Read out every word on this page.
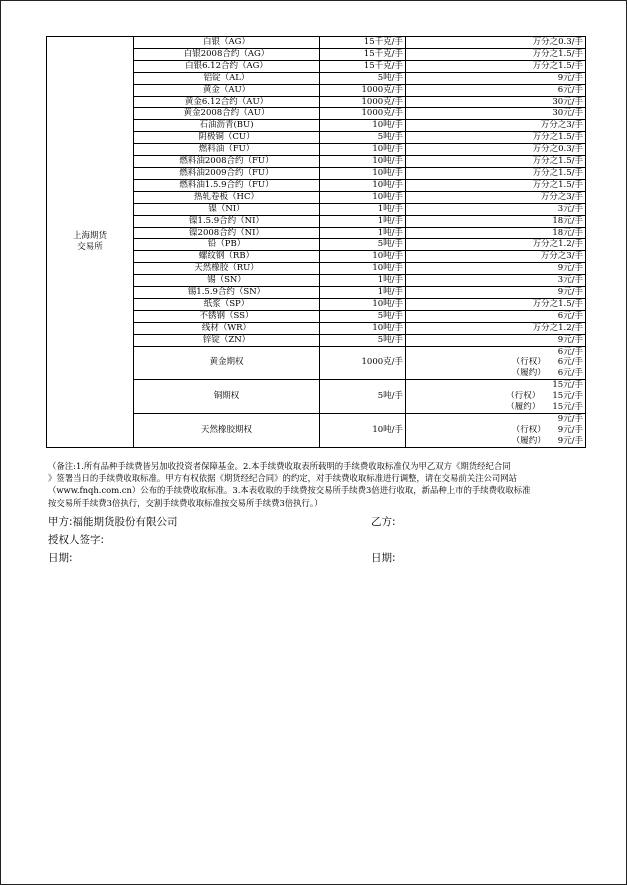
上海期货
交易所	白银（AG）	15千克/手	万分之0.3/手
	白银2008合约（AG）	15千克/手	万分之1.5/手
	白银6.12合约（AG）	15千克/手	万分之1.5/手
	铝锭（AL）	5吨/手	9元/手
	黄金（AU）	1000克/手	6元/手
	黄金6.12合约（AU）	1000克/手	30元/手
	黄金2008合约（AU）	1000克/手	30元/手
	石油沥青(BU)	10吨/手	万分之3/手
	阴极铜（CU）	5吨/手	万分之1.5/手
	燃料油（FU）	10吨/手	万分之0.3/手
	燃料油2008合约（FU）	10吨/手	万分之1.5/手
	燃料油2009合约（FU）	10吨/手	万分之1.5/手
	燃料油1.5.9合约（FU）	10吨/手	万分之1.5/手
	热轧卷板（HC）	10吨/手	万分之3/手
	镍（NI）	1吨/手	3元/手
	镍1.5.9合约（NI）	1吨/手	18元/手
	镍2008合约（NI）	1吨/手	18元/手
	铅（PB）	5吨/手	万分之1.2/手
	螺纹钢（RB）	10吨/手	万分之3/手
	天然橡胶（RU）	10吨/手	9元/手
	锡（SN）	1吨/手	3元/手
	锡1.5.9合约（SN）	1吨/手	9元/手
	纸浆（SP）	10吨/手	万分之1.5/手
	不锈钢（SS）	5吨/手	6元/手
	线材（WR）	10吨/手	万分之1.2/手
	锌锭（ZN）	5吨/手	9元/手
	黄金期权	1000克/手	6元/手

			（行权） 6元/手

			（履约） 6元/手

	铜期权	5吨/手	15元/手

			（行权） 15元/手

			（履约） 15元/手

	天然橡胶期权	10吨/手	9元/手

			（行权） 9元/手

			（履约） 9元/手
（备注:1.所有品种手续费皆另加收投资者保障基金。2.本手续费收取表所载明的手续费收取标准仅为甲乙双方《期货经纪合同
》签署当日的手续费收取标准。甲方有权依据《期货经纪合同》的约定，对手续费收取标准进行调整，请在交易前关注公司网站
（www.fnqh.com.cn）公布的手续费收取标准。3.本表收取的手续费按交易所手续费3倍进行收取，新品种上市的手续费收取标准
按交易所手续费3倍执行，交割手续费收取标准按交易所手续费3倍执行。）
甲方:福能期货股份有限公司	乙方:
授权人签字:
日期:	日期:
